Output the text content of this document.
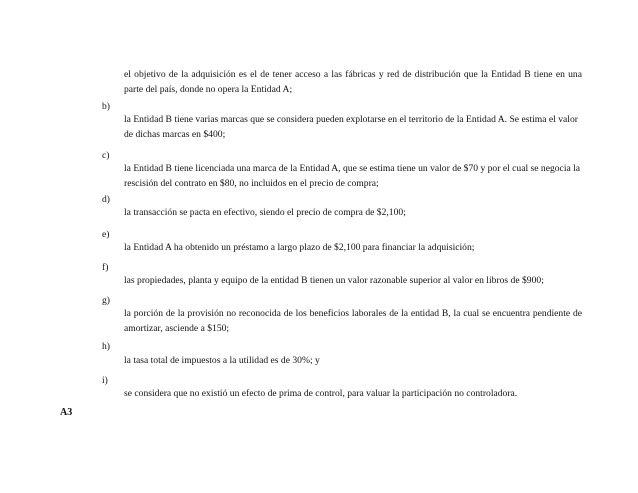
el objetivo de la adquisición es el de tener acceso a las fábricas y red de distribución que la Entidad B tiene en una parte del país, donde no opera la Entidad A;
b)
la Entidad B tiene varias marcas que se considera pueden explotarse en el territorio de la Entidad A. Se estima el valor de dichas marcas en $400;
c)
la Entidad B tiene licenciada una marca de la Entidad A, que se estima tiene un valor de $70 y por el cual se negocia la rescisión del contrato en $80, no incluidos en el precio de compra;
d)
la transacción se pacta en efectivo, siendo el precio de compra de $2,100;
e)
la Entidad A ha obtenido un préstamo a largo plazo de $2,100 para financiar la adquisición;
f)
las propiedades, planta y equipo de la entidad B tienen un valor razonable superior al valor en libros de $900;
g)
la porción de la provisión no reconocida de los beneficios laborales de la entidad B, la cual se encuentra pendiente de amortizar, asciende a $150;
h)
la tasa total de impuestos a la utilidad es de 30%; y
i)
se considera que no existió un efecto de prima de control, para valuar la participación no controladora.
A3
